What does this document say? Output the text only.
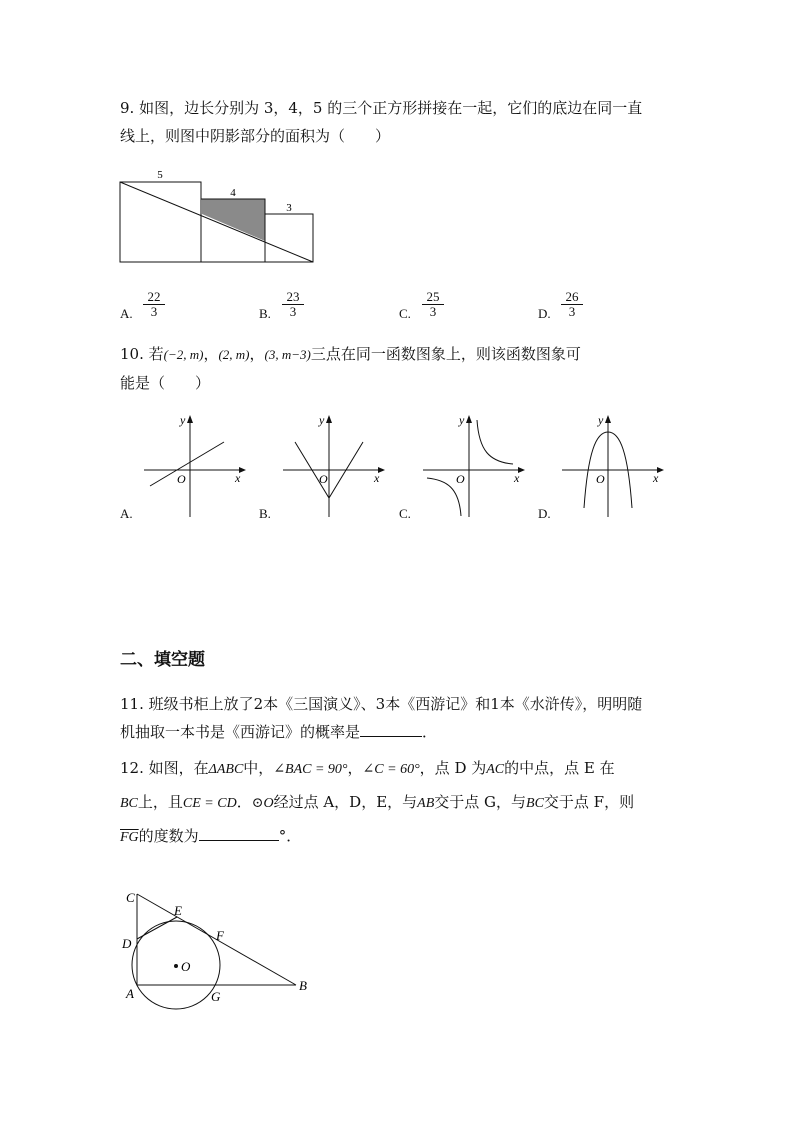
9. 如图，边长分别为 3，4，5 的三个正方形拼接在一起，它们的底边在同一直
线上，则图中阴影部分的面积为（　　）
5
4
3
A. $\frac{22}{3}$	B. $\frac{23}{3}$	C. $\frac{25}{3}$	D. $\frac{26}{3}$
10. 若(−2, m)，(2, m)，(3, m−3)三点在同一函数图象上，则该函数图象可
能是（　　）
y
x
O
y
x
O
y
x
O
y
x
O
A.	B.	C.	D.
二、填空题
11. 班级书柜上放了2本《三国演义》、3本《西游记》和1本《水浒传》，明明随
机抽取一本书是《西游记》的概率是	．
12. 如图，在ΔABC中，∠BAC = 90°，∠C = 60°，点 D 为AC的中点，点 E 在
BC上，且CE = CD．⊙O经过点 A，D，E，与AB交于点 G，与BC交于点 F，则
$\overline{FG}$的度数为	°．
C
E
D
F
O
A	G
B
